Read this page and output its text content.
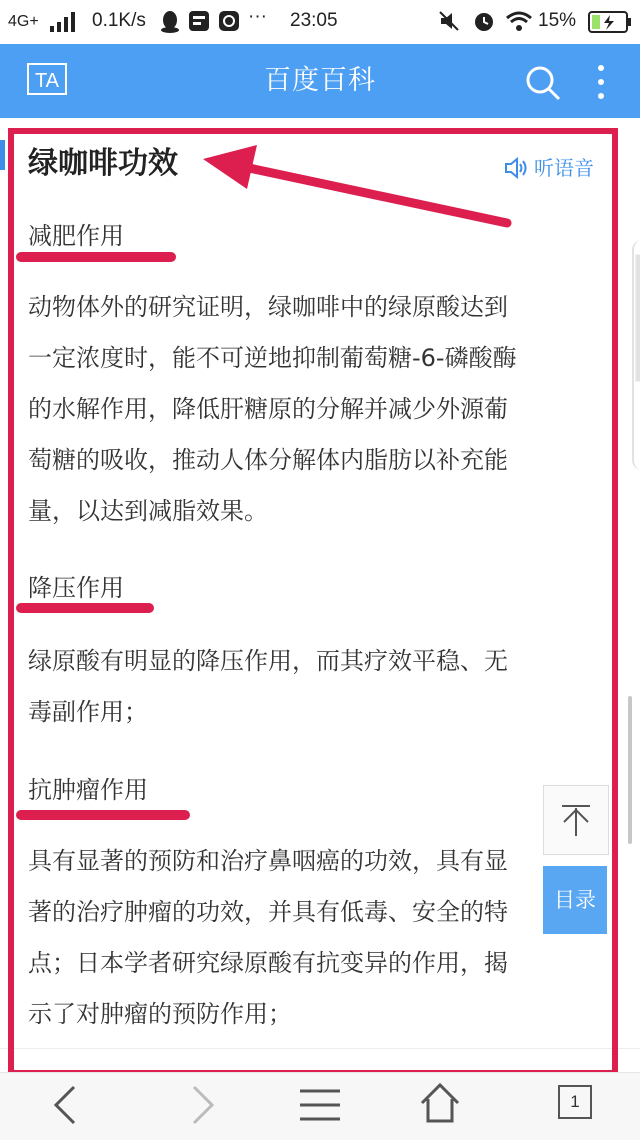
4G+	0.1K/s	··· 23:05	15%
TA	百度百科
绿咖啡功效	听语音
减肥作用

动物体外的研究证明，绿咖啡中的绿原酸达到
一定浓度时，能不可逆地抑制葡萄糖-6-磷酸酶
的水解作用，降低肝糖原的分解并减少外源葡
萄糖的吸收，推动人体分解体内脂肪以补充能
量，以达到减脂效果。

降压作用

绿原酸有明显的降压作用，而其疗效平稳、无
毒副作用；

抗肿瘤作用

具有显著的预防和治疗鼻咽癌的功效，具有显
著的治疗肿瘤的功效，并具有低毒、安全的特
点；日本学者研究绿原酸有抗变异的作用，揭
示了对肿瘤的预防作用；

目录
1
